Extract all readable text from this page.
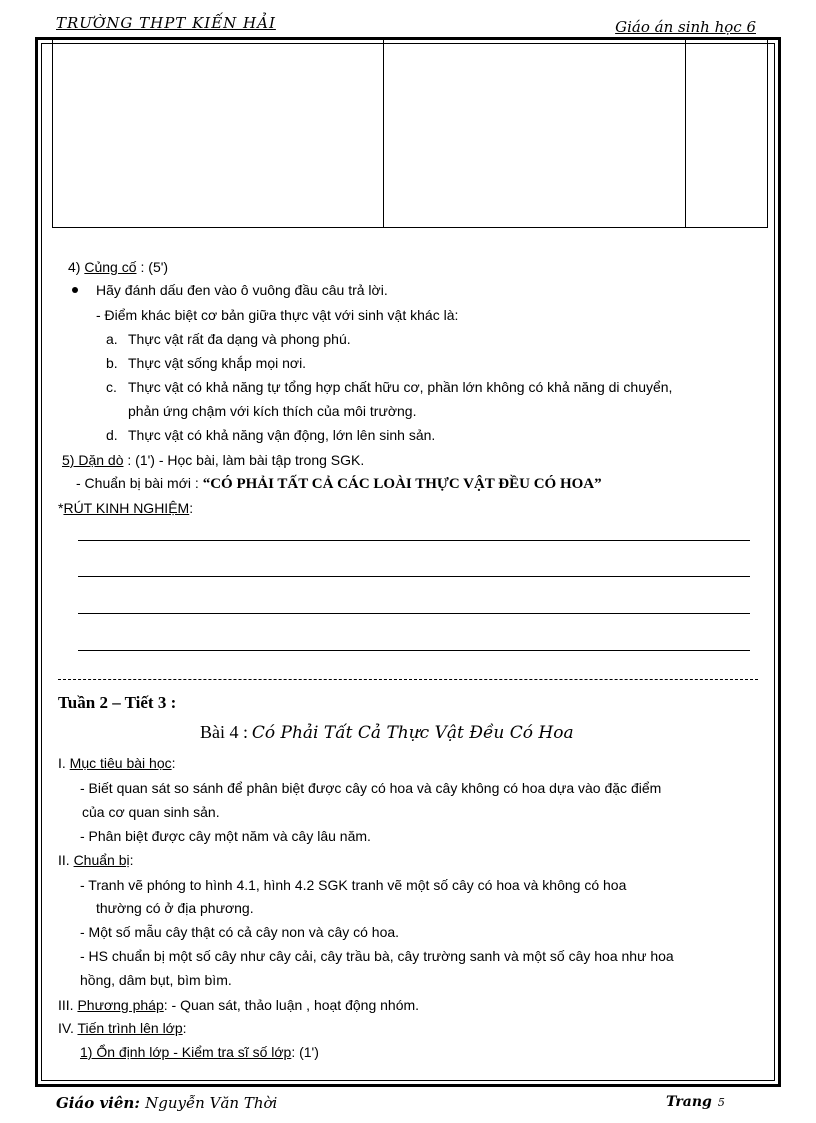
TRƯỜNG THPT KIẾN HẢI	Giáo án sinh học 6
4) Củng cố : (5')
Hãy đánh dấu đen vào ô vuông đầu câu trả lời.
- Điểm khác biệt cơ bản giữa thực vật với sinh vật khác là:
a. Thực vật rất đa dạng và phong phú.
b. Thực vật sống khắp mọi nơi.
c. Thực vật có khả năng tự tổng hợp chất hữu cơ, phần lớn không có khả năng di chuyển,
phản ứng chậm với kích thích của môi trường.
d. Thực vật có khả năng vận động, lớn lên sinh sản.
5) Dặn dò : (1') - Học bài, làm bài tập trong SGK.
- Chuẩn bị bài mới : “CÓ PHẢI TẤT CẢ CÁC LOÀI THỰC VẬT ĐỀU CÓ HOA”
*RÚT KINH NGHIỆM:
Tuần 2 – Tiết 3 :
Bài 4 : Có Phải Tất Cả Thực Vật Đều Có Hoa
I. Mục tiêu bài học:
- Biết quan sát so sánh để phân biệt được cây có hoa và cây không có hoa dựa vào đặc điểm
của cơ quan sinh sản.
- Phân biệt được cây một năm và cây lâu năm.
II. Chuẩn bị:
- Tranh vẽ phóng to hình 4.1, hình 4.2 SGK tranh vẽ một số cây có hoa và không có hoa
thường có ở địa phương.
- Một số mẫu cây thật có cả cây non và cây có hoa.
- HS chuẩn bị một số cây như cây cải, cây trầu bà, cây trường sanh và một số cây hoa như hoa
hồng, dâm bụt, bìm bìm.
III. Phương pháp: - Quan sát, thảo luận , hoạt động nhóm.
IV. Tiến trình lên lớp:
1) Ổn định lớp - Kiểm tra sĩ số lớp: (1')
Giáo viên: Nguyễn Văn Thời	Trang 5
